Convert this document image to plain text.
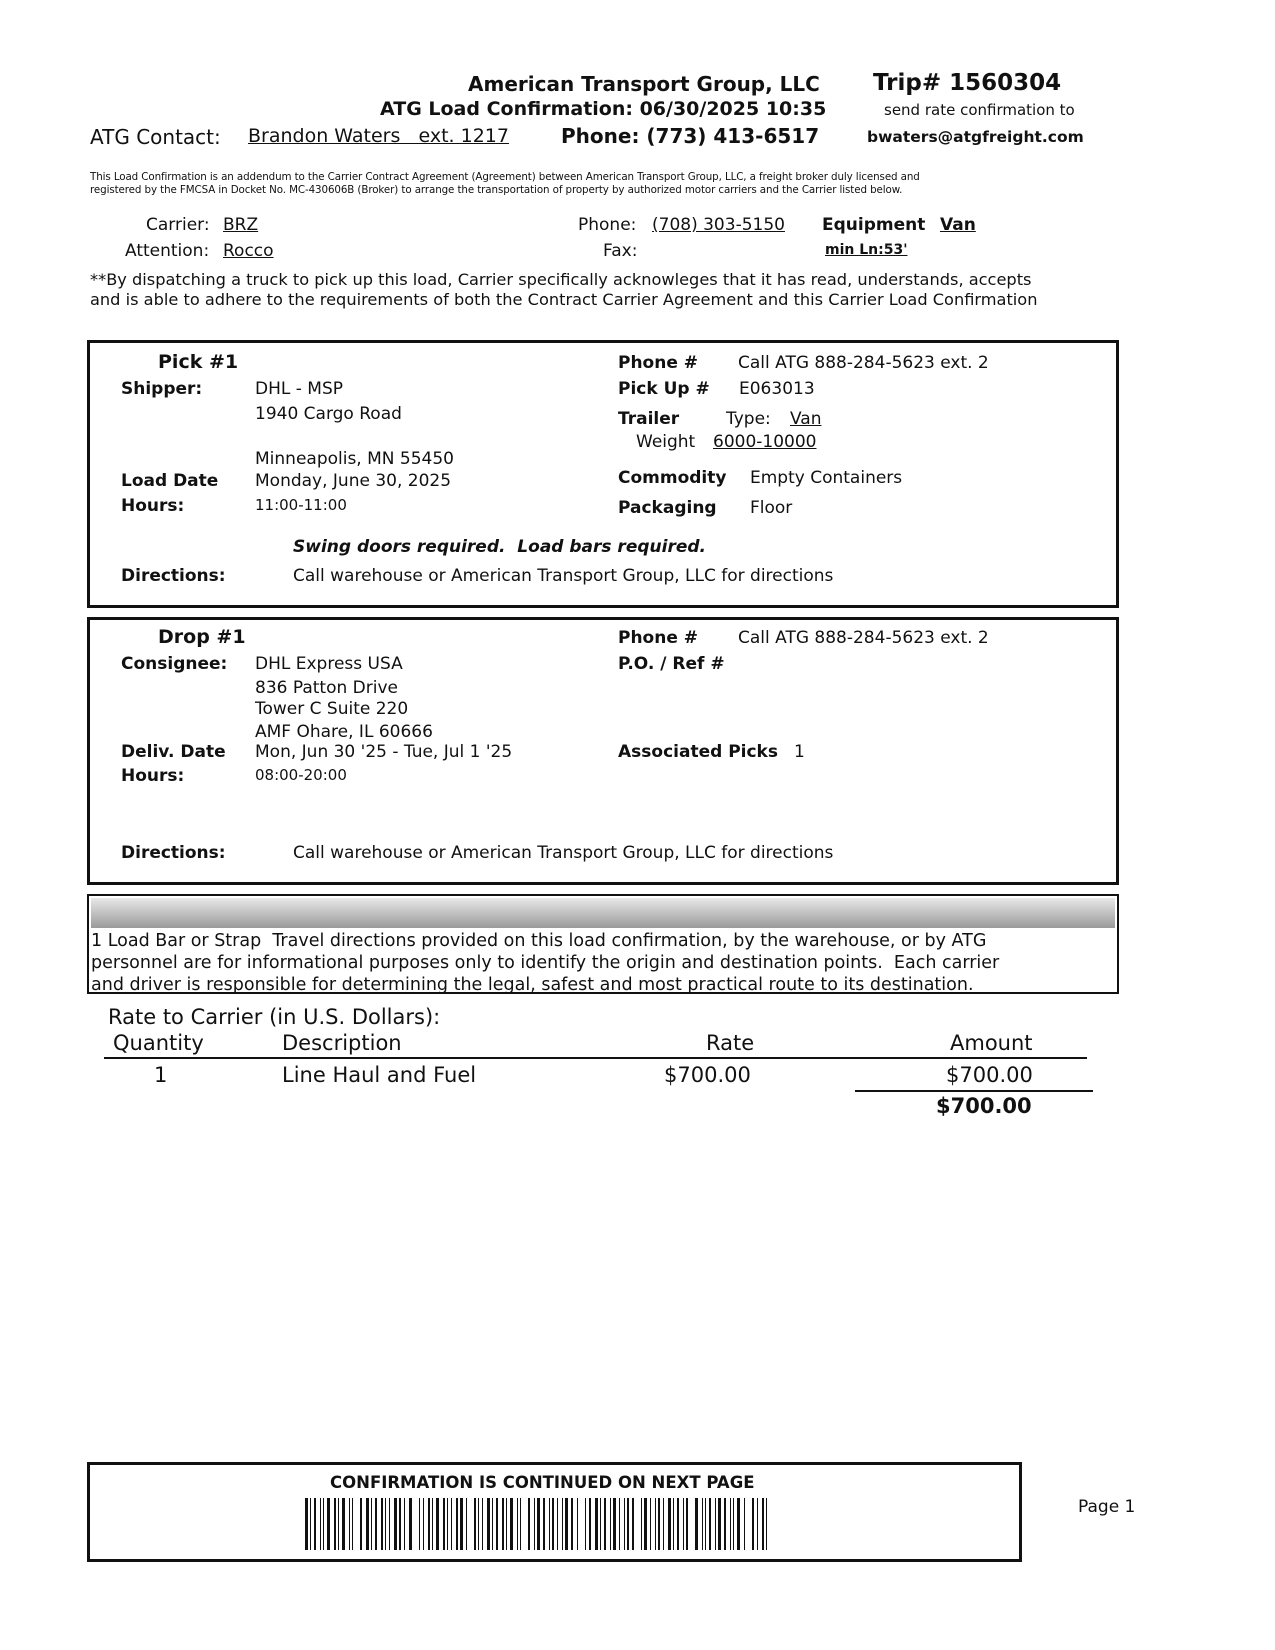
American Transport Group, LLC Trip# 1560304
ATG Load Confirmation: 06/30/2025 10:35	send rate confirmation to
ATG Contact: Brandon Waters   ext. 1217	Phone: (773) 413-6517	bwaters@atgfreight.com
This Load Confirmation is an addendum to the Carrier Contract Agreement (Agreement) between American Transport Group, LLC, a freight broker duly licensed and
registered by the FMCSA in Docket No. MC-430606B (Broker) to arrange the transportation of property by authorized motor carriers and the Carrier listed below.
Carrier: BRZ
Attention: Rocco
Phone: (708) 303-5150
Fax:
Equipment Van
min Ln:53'
**By dispatching a truck to pick up this load, Carrier specifically acknowleges that it has read, understands, accepts
and is able to adhere to the requirements of both the Contract Carrier Agreement and this Carrier Load Confirmation
Pick #1
Shipper:	DHL - MSP
1940 Cargo Road
Minneapolis, MN 55450
Load Date Monday, June 30, 2025
Hours:	11:00-11:00
Phone # Call ATG 888-284-5623 ext. 2
Pick Up # E063013
Trailer	Type: Van
Weight 6000-10000
Commodity Empty Containers
Packaging Floor
Swing doors required.  Load bars required.
Directions:	Call warehouse or American Transport Group, LLC for directions
Drop #1
Consignee: DHL Express USA
836 Patton Drive
Tower C Suite 220
AMF Ohare, IL 60666
Deliv. Date Mon, Jun 30 '25 - Tue, Jul 1 '25
Hours:	08:00-20:00
Phone # Call ATG 888-284-5623 ext. 2
P.O. / Ref #
Associated Picks 1
Directions:	Call warehouse or American Transport Group, LLC for directions
1 Load Bar or Strap  Travel directions provided on this load confirmation, by the warehouse, or by ATG
personnel are for informational purposes only to identify the origin and destination points.  Each carrier
and driver is responsible for determining the legal, safest and most practical route to its destination.
Rate to Carrier (in U.S. Dollars):
Quantity	Description	Rate	Amount
1	Line Haul and Fuel	$700.00	$700.00
$700.00
CONFIRMATION IS CONTINUED ON NEXT PAGE
Page 1
